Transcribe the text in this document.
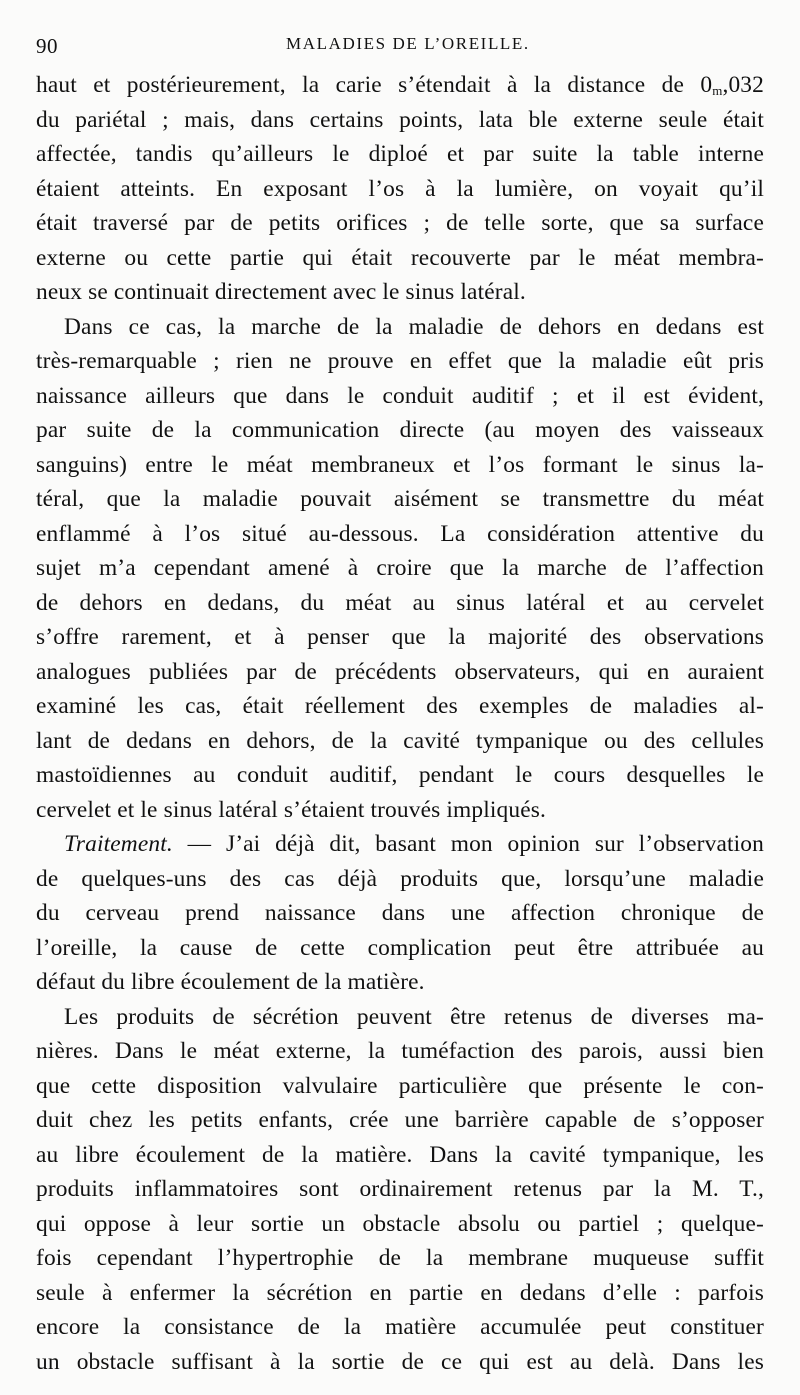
90	MALADIES DE L’OREILLE.
haut et postérieurement, la carie s’étendait à la distance de $0_m,032$
du pariétal ; mais, dans certains points, lata ble externe seule était
affectée, tandis qu’ailleurs le diploé et par suite la table interne
étaient atteints. En exposant l’os à la lumière, on voyait qu’il
était traversé par de petits orifices ; de telle sorte, que sa surface
externe ou cette partie qui était recouverte par le méat membra-
neux se continuait directement avec le sinus latéral.
Dans ce cas, la marche de la maladie de dehors en dedans est
très-remarquable ; rien ne prouve en effet que la maladie eût pris
naissance ailleurs que dans le conduit auditif ; et il est évident,
par suite de la communication directe (au moyen des vaisseaux
sanguins) entre le méat membraneux et l’os formant le sinus la-
téral, que la maladie pouvait aisément se transmettre du méat
enflammé à l’os situé au-dessous. La considération attentive du
sujet m’a cependant amené à croire que la marche de l’affection
de dehors en dedans, du méat au sinus latéral et au cervelet
s’offre rarement, et à penser que la majorité des observations
analogues publiées par de précédents observateurs, qui en auraient
examiné les cas, était réellement des exemples de maladies al-
lant de dedans en dehors, de la cavité tympanique ou des cellules
mastoïdiennes au conduit auditif, pendant le cours desquelles le
cervelet et le sinus latéral s’étaient trouvés impliqués.
Traitement. — J’ai déjà dit, basant mon opinion sur l’observation
de quelques-uns des cas déjà produits que, lorsqu’une maladie
du cerveau prend naissance dans une affection chronique de
l’oreille, la cause de cette complication peut être attribuée au
défaut du libre écoulement de la matière.
Les produits de sécrétion peuvent être retenus de diverses ma-
nières. Dans le méat externe, la tuméfaction des parois, aussi bien
que cette disposition valvulaire particulière que présente le con-
duit chez les petits enfants, crée une barrière capable de s’opposer
au libre écoulement de la matière. Dans la cavité tympanique, les
produits inflammatoires sont ordinairement retenus par la M. T.,
qui oppose à leur sortie un obstacle absolu ou partiel ; quelque-
fois cependant l’hypertrophie de la membrane muqueuse suffit
seule à enfermer la sécrétion en partie en dedans d’elle : parfois
encore la consistance de la matière accumulée peut constituer
un obstacle suffisant à la sortie de ce qui est au delà. Dans les
